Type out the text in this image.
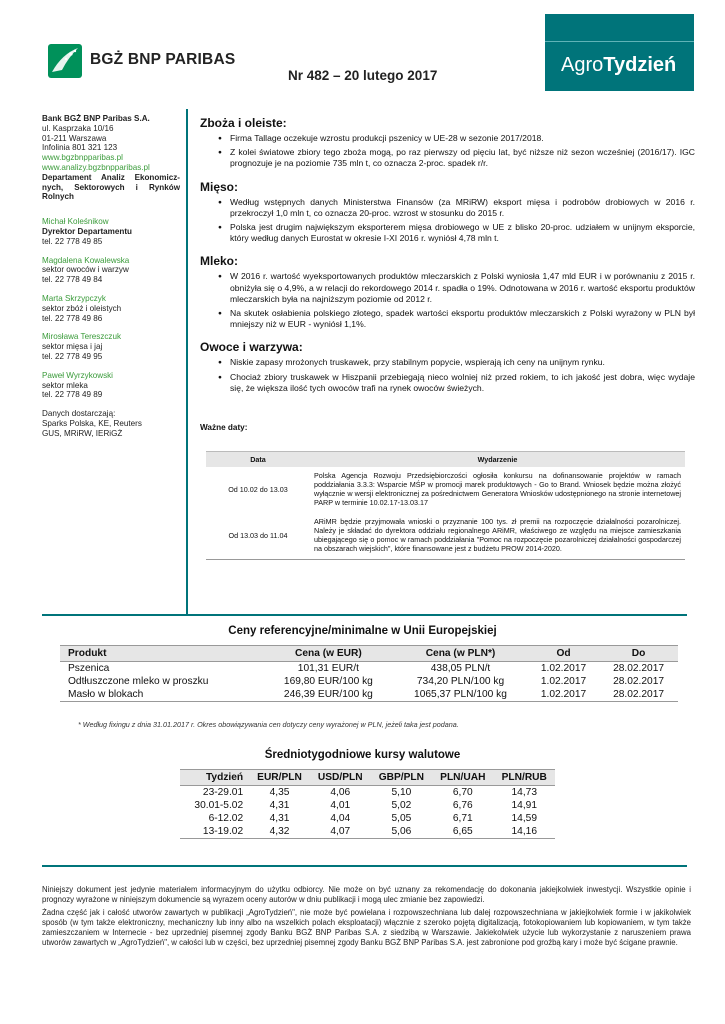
BGŻ BNP PARIBAS
Nr 482 – 20 lutego 2017	AgroTydzień
Bank BGŻ BNP Paribas S.A.
ul. Kasprzaka 10/16
01-211 Warszawa
Infolinia 801 321 123
www.bgzbnpparibas.pl
www.analizy.bgzbnpparibas.pl
Departament Analiz Ekonomicz-nych, Sektorowych i Rynków Rolnych
Michał Koleśnikow
Dyrektor Departamentu
tel. 22 778 49 85
Magdalena Kowalewska
sektor owoców i warzyw
tel. 22 778 49 84
Marta Skrzypczyk
sektor zbóż i oleistych
tel. 22 778 49 86
Mirosława Tereszczuk
sektor mięsa i jaj
tel. 22 778 49 95
Paweł Wyrzykowski
sektor mleka
tel. 22 778 49 89
Danych dostarczają:
Sparks Polska, KE, Reuters
GUS, MRiRW, IERiGŻ
Zboża i oleiste:
● Firma Tallage oczekuje wzrostu produkcji pszenicy w UE-28 w sezonie 2017/2018.
● Z kolei światowe zbiory tego zboża mogą, po raz pierwszy od pięciu lat, być niższe niż sezon wcześniej (2016/17). IGC prognozuje je na poziomie 735 mln t, co oznacza 2-proc. spadek r/r.
Mięso:
● Według wstępnych danych Ministerstwa Finansów (za MRiRW) eksport mięsa i podrobów drobiowych w 2016 r. przekroczył 1,0 mln t, co oznacza 20-proc. wzrost w stosunku do 2015 r.
● Polska jest drugim największym eksporterem mięsa drobiowego w UE z blisko 20-proc. udziałem w unijnym eksporcie, który według danych Eurostat w okresie I-XI 2016 r. wyniósł 4,78 mln t.
Mleko:
● W 2016 r. wartość wyeksportowanych produktów mleczarskich z Polski wyniosła 1,47 mld EUR i w porównaniu z 2015 r. obniżyła się o 4,9%, a w relacji do rekordowego 2014 r. spadła o 19%. Odnotowana w 2016 r. wartość eksportu produktów mleczarskich była na najniższym poziomie od 2012 r.
● Na skutek osłabienia polskiego złotego, spadek wartości eksportu produktów mleczarskich z Polski wyrażony w PLN był mniejszy niż w EUR - wyniósł 1,1%.
Owoce i warzywa:
● Niskie zapasy mrożonych truskawek, przy stabilnym popycie, wspierają ich ceny na unijnym rynku.
● Chociaż zbiory truskawek w Hiszpanii przebiegają nieco wolniej niż przed rokiem, to ich jakość jest dobra, więc wydaje się, że większa ilość tych owoców trafi na rynek owoców świeżych.
Ważne daty:
Data	Wydarzenie
Od 10.02 do 13.03	Polska Agencja Rozwoju Przedsiębiorczości ogłosiła konkursu na dofinansowanie projektów w ramach poddziałania 3.3.3: Wsparcie MŚP w promocji marek produktowych - Go to Brand. Wniosek będzie można złożyć wyłącznie w wersji elektronicznej za pośrednictwem Generatora Wniosków udostępnionego na stronie internetowej PARP w terminie 10.02.17-13.03.17
Od 13.03 do 11.04	ARiMR będzie przyjmowała wnioski o przyznanie 100 tys. zł premii na rozpoczęcie działalności pozarolniczej. Należy je składać do dyrektora oddziału regionalnego ARiMR, właściwego ze względu na miejsce zamieszkania ubiegającego się o pomoc w ramach poddziałania "Pomoc na rozpoczęcie pozarolniczej działalności gospodarczej na obszarach wiejskich", które finansowane jest z budżetu PROW 2014-2020.
Ceny referencyjne/minimalne w Unii Europejskiej
Produkt	Cena (w EUR)	Cena (w PLN*)	Od	Do
Pszenica	101,31 EUR/t	438,05 PLN/t	1.02.2017	28.02.2017
Odtłuszczone mleko w proszku	169,80 EUR/100 kg	734,20 PLN/100 kg	1.02.2017	28.02.2017
Masło w blokach	246,39 EUR/100 kg	1065,37 PLN/100 kg	1.02.2017	28.02.2017
* Według fixingu z dnia 31.01.2017 r. Okres obowiązywania cen dotyczy ceny wyrażonej w PLN, jeżeli taka jest podana.
Średniotygodniowe kursy walutowe
Tydzień	EUR/PLN	USD/PLN	GBP/PLN	PLN/UAH	PLN/RUB
23-29.01	4,35	4,06	5,10	6,70	14,73
30.01-5.02	4,31	4,01	5,02	6,76	14,91
6-12.02	4,31	4,04	5,05	6,71	14,59
13-19.02	4,32	4,07	5,06	6,65	14,16

Niniejszy dokument jest jedynie materiałem informacyjnym do użytku odbiorcy. Nie może on być uznany za rekomendację do dokonania jakiejkolwiek inwestycji. Wszystkie opinie i prognozy wyrażone w niniejszym dokumencie są wyrazem oceny autorów w dniu publikacji i mogą ulec zmianie bez zapowiedzi.

Żadna część jak i całość utworów zawartych w publikacji „AgroTydzień", nie może być powielana i rozpowszechniana lub dalej rozpowszechniana w jakiejkolwiek formie i w jakikolwiek sposób (w tym także elektroniczny, mechaniczny lub inny albo na wszelkich polach eksploatacji) włącznie z szeroko pojętą digitalizacją, fotokopiowaniem lub kopiowaniem, w tym także zamieszczaniem w Internecie - bez uprzedniej pisemnej zgody Banku BGŻ BNP Paribas S.A. z siedzibą w Warszawie. Jakiekolwiek użycie lub wykorzystanie z naruszeniem prawa utworów zawartych w „AgroTydzień", w całości lub w części, bez uprzedniej pisemnej zgody Banku BGŻ BNP Paribas S.A. jest zabronione pod groźbą kary i może być ścigane prawnie.
